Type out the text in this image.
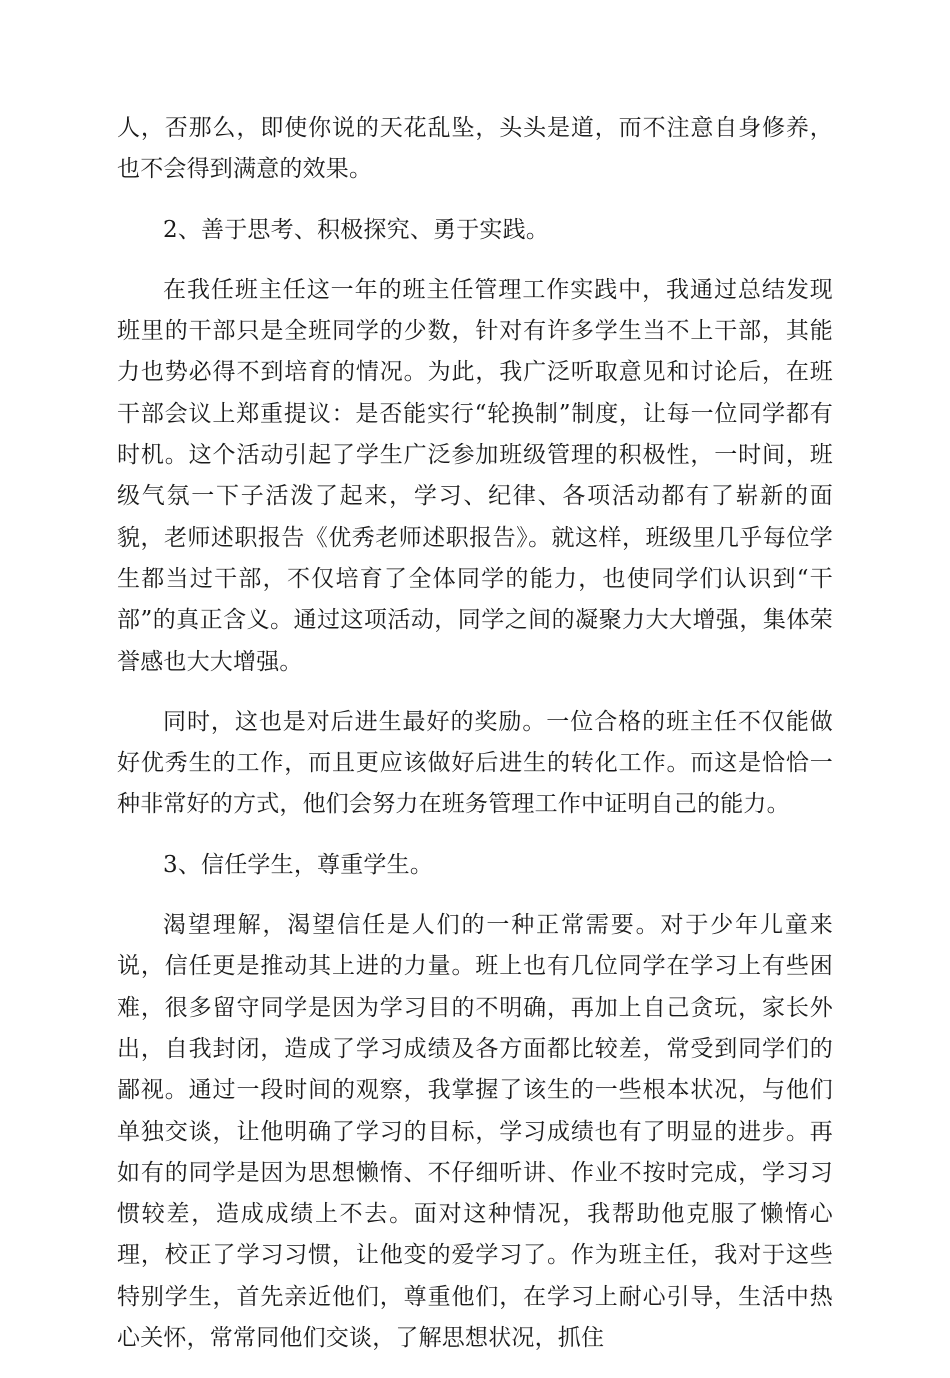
人，否那么，即使你说的天花乱坠，头头是道，而不注意自身修养，也不会得到满意的效果。

2、善于思考、积极探究、勇于实践。

在我任班主任这一年的班主任管理工作实践中，我通过总结发现班里的干部只是全班同学的少数，针对有许多学生当不上干部，其能力也势必得不到培育的情况。为此，我广泛听取意见和讨论后，在班干部会议上郑重提议：是否能实行“轮换制”制度，让每一位同学都有时机。这个活动引起了学生广泛参加班级管理的积极性，一时间，班级气氛一下子活泼了起来，学习、纪律、各项活动都有了崭新的面貌，老师述职报告《优秀老师述职报告》。就这样，班级里几乎每位学生都当过干部，不仅培育了全体同学的能力，也使同学们认识到“干部”的真正含义。通过这项活动，同学之间的凝聚力大大增强，集体荣誉感也大大增强。

同时，这也是对后进生最好的奖励。一位合格的班主任不仅能做好优秀生的工作，而且更应该做好后进生的转化工作。而这是恰恰一种非常好的方式，他们会努力在班务管理工作中证明自己的能力。

3、信任学生，尊重学生。

渴望理解，渴望信任是人们的一种正常需要。对于少年儿童来说，信任更是推动其上进的力量。班上也有几位同学在学习上有些困难，很多留守同学是因为学习目的不明确，再加上自己贪玩，家长外出，自我封闭，造成了学习成绩及各方面都比较差，常受到同学们的鄙视。通过一段时间的观察，我掌握了该生的一些根本状况，与他们单独交谈，让他明确了学习的目标，学习成绩也有了明显的进步。再如有的同学是因为思想懒惰、不仔细听讲、作业不按时完成，学习习惯较差，造成成绩上不去。面对这种情况，我帮助他克服了懒惰心理，校正了学习习惯，让他变的爱学习了。作为班主任，我对于这些特别学生，首先亲近他们，尊重他们，在学习上耐心引导，生活中热心关怀，常常同他们交谈，了解思想状况，抓住
